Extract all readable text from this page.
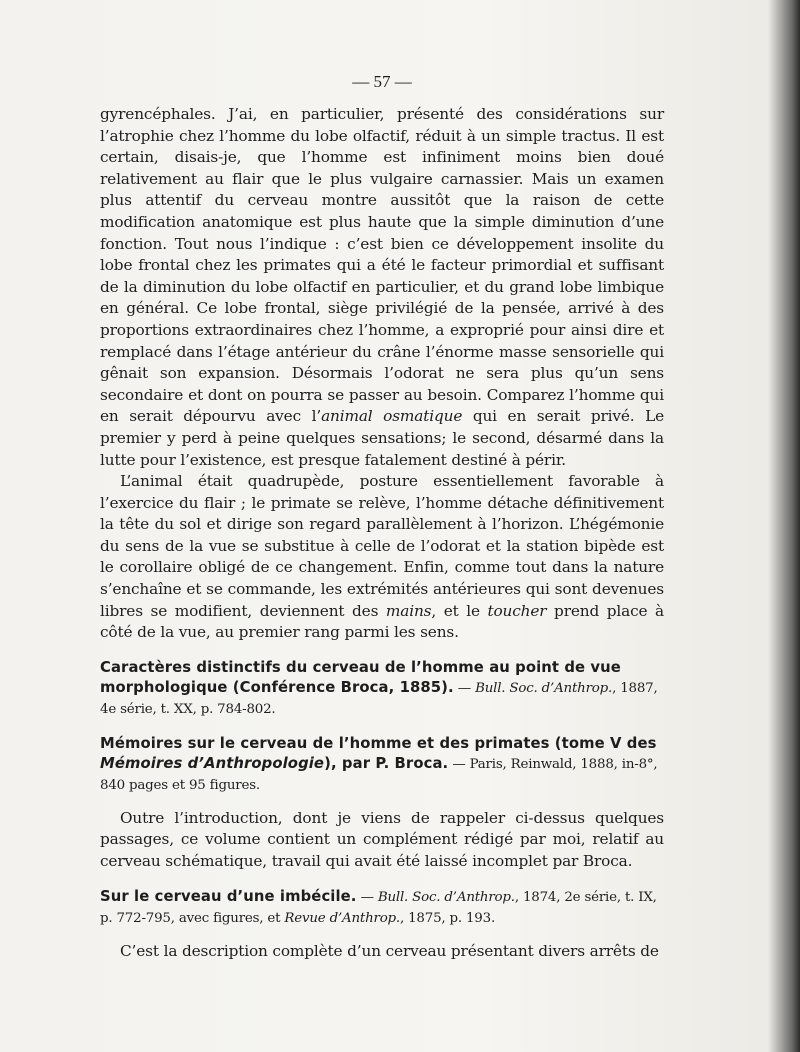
— 57 —

gyrencéphales. J’ai, en particulier, présenté des considérations sur l’atrophie chez l’homme du lobe olfactif, réduit à un simple tractus. Il est certain, disais-je, que l’homme est infiniment moins bien doué relativement au flair que le plus vulgaire carnassier. Mais un examen plus attentif du cerveau montre aussitôt que la raison de cette modification anatomique est plus haute que la simple diminution d’une fonction. Tout nous l’indique : c’est bien ce développement insolite du lobe frontal chez les primates qui a été le facteur primordial et suffisant de la diminution du lobe olfactif en particulier, et du grand lobe limbique en général. Ce lobe frontal, siège privilégié de la pensée, arrivé à des proportions extraordinaires chez l’homme, a exproprié pour ainsi dire et remplacé dans l’étage antérieur du crâne l’énorme masse sensorielle qui gênait son expansion. Désormais l’odorat ne sera plus qu’un sens secondaire et dont on pourra se passer au besoin. Comparez l’homme qui en serait dépourvu avec l’animal osmatique qui en serait privé. Le premier y perd à peine quelques sensations; le second, désarmé dans la lutte pour l’existence, est presque fatalement destiné à périr.

L’animal était quadrupède, posture essentiellement favorable à l’exercice du flair ; le primate se relève, l’homme détache définitivement la tête du sol et dirige son regard parallèlement à l’horizon. L’hégémonie du sens de la vue se substitue à celle de l’odorat et la station bipède est le corollaire obligé de ce changement. Enfin, comme tout dans la nature s’enchaîne et se commande, les extrémités antérieures qui sont devenues libres se modifient, deviennent des mains, et le toucher prend place à côté de la vue, au premier rang parmi les sens.

Caractères distinctifs du cerveau de l’homme au point de vue morphologique (Conférence Broca, 1885). — Bull. Soc. d’Anthrop., 1887, 4e série, t. XX, p. 784-802.
Mémoires sur le cerveau de l’homme et des primates (tome V des Mémoires d’Anthropologie), par P. Broca. — Paris, Reinwald, 1888, in-8°, 840 pages et 95 figures.

Outre l’introduction, dont je viens de rappeler ci-dessus quelques passages, ce volume contient un complément rédigé par moi, relatif au cerveau schématique, travail qui avait été laissé incomplet par Broca.

Sur le cerveau d’une imbécile. — Bull. Soc. d’Anthrop., 1874, 2e série, t. IX, p. 772-795, avec figures, et Revue d’Anthrop., 1875, p. 193.

C’est la description complète d’un cerveau présentant divers arrêts de
